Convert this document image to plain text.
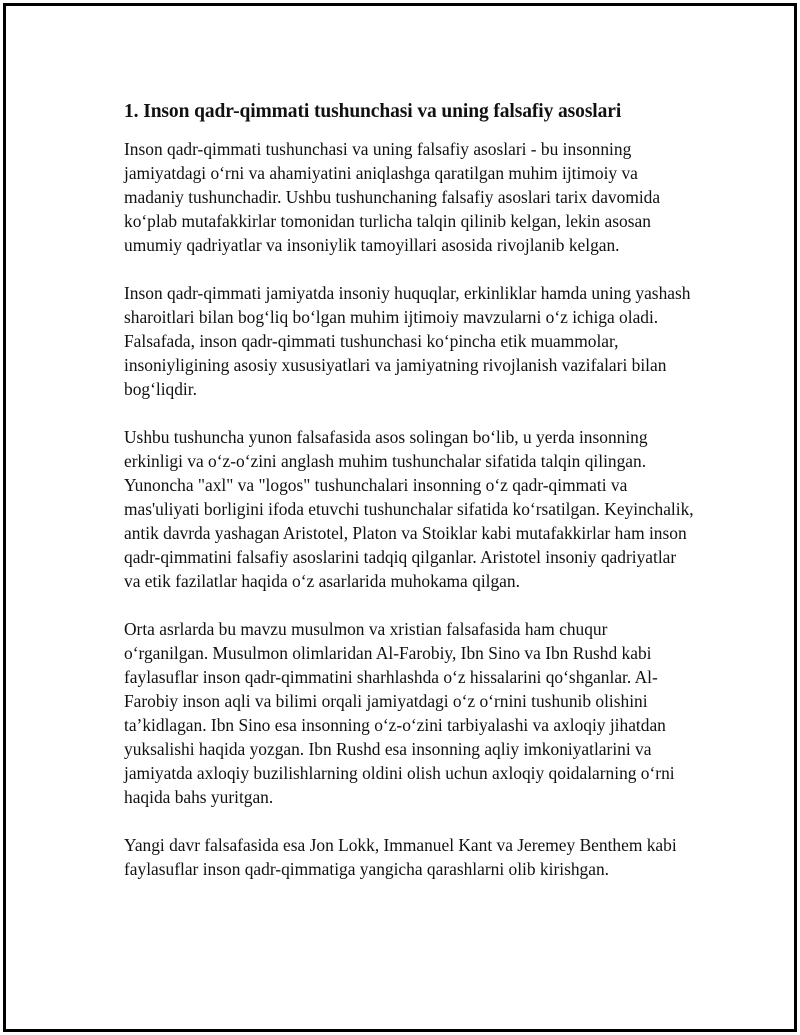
1. Inson qadr-qimmati tushunchasi va uning falsafiy asoslari

Inson qadr-qimmati tushunchasi va uning falsafiy asoslari - bu insonning jamiyatdagi o‘rni va ahamiyatini aniqlashga qaratilgan muhim ijtimoiy va madaniy tushunchadir. Ushbu tushunchaning falsafiy asoslari tarix davomida ko‘plab mutafakkirlar tomonidan turlicha talqin qilinib kelgan, lekin asosan umumiy qadriyatlar va insoniylik tamoyillari asosida rivojlanib kelgan.

Inson qadr-qimmati jamiyatda insoniy huquqlar, erkinliklar hamda uning yashash sharoitlari bilan bog‘liq bo‘lgan muhim ijtimoiy mavzularni o‘z ichiga oladi. Falsafada, inson qadr-qimmati tushunchasi ko‘pincha etik muammolar, insoniyligining asosiy xususiyatlari va jamiyatning rivojlanish vazifalari bilan bog‘liqdir.

Ushbu tushuncha yunon falsafasida asos solingan bo‘lib, u yerda insonning erkinligi va o‘z-o‘zini anglash muhim tushunchalar sifatida talqin qilingan. Yunoncha "axl" va "logos" tushunchalari insonning o‘z qadr-qimmati va mas'uliyati borligini ifoda etuvchi tushunchalar sifatida ko‘rsatilgan. Keyinchalik, antik davrda yashagan Aristotel, Platon va Stoiklar kabi mutafakkirlar ham inson qadr-qimmatini falsafiy asoslarini tadqiq qilganlar. Aristotel insoniy qadriyatlar va etik fazilatlar haqida o‘z asarlarida muhokama qilgan.

Orta asrlarda bu mavzu musulmon va xristian falsafasida ham chuqur o‘rganilgan. Musulmon olimlaridan Al-Farobiy, Ibn Sino va Ibn Rushd kabi faylasuflar inson qadr-qimmatini sharhlashda o‘z hissalarini qo‘shganlar. Al-Farobiy inson aqli va bilimi orqali jamiyatdagi o‘z o‘rnini tushunib olishini ta’kidlagan. Ibn Sino esa insonning o‘z-o‘zini tarbiyalashi va axloqiy jihatdan yuksalishi haqida yozgan. Ibn Rushd esa insonning aqliy imkoniyatlarini va jamiyatda axloqiy buzilishlarning oldini olish uchun axloqiy qoidalarning o‘rni haqida bahs yuritgan.

Yangi davr falsafasida esa Jon Lokk, Immanuel Kant va Jeremey Benthem kabi faylasuflar inson qadr-qimmatiga yangicha qarashlarni olib kirishgan.
